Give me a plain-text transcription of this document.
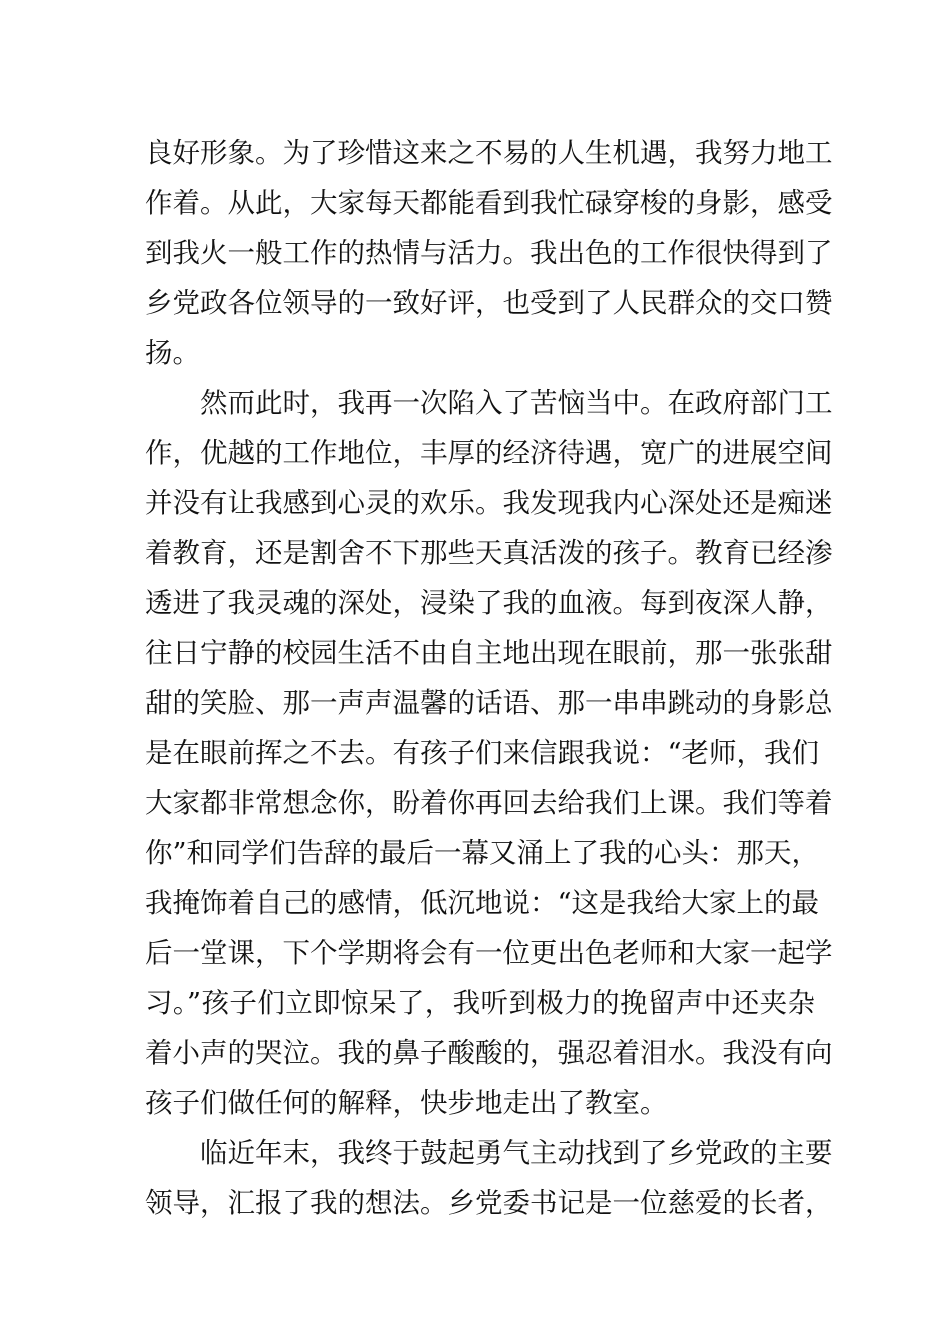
良好形象。为了珍惜这来之不易的人生机遇，我努力地工
作着。从此，大家每天都能看到我忙碌穿梭的身影，感受
到我火一般工作的热情与活力。我出色的工作很快得到了
乡党政各位领导的一致好评，也受到了人民群众的交口赞
扬。
然而此时，我再一次陷入了苦恼当中。在政府部门工
作，优越的工作地位，丰厚的经济待遇，宽广的进展空间
并没有让我感到心灵的欢乐。我发现我内心深处还是痴迷
着教育，还是割舍不下那些天真活泼的孩子。教育已经渗
透进了我灵魂的深处，浸染了我的血液。每到夜深人静，
往日宁静的校园生活不由自主地出现在眼前，那一张张甜
甜的笑脸、那一声声温馨的话语、那一串串跳动的身影总
是在眼前挥之不去。有孩子们来信跟我说：“老师，我们
大家都非常想念你，盼着你再回去给我们上课。我们等着
你”和同学们告辞的最后一幕又涌上了我的心头：那天，
我掩饰着自己的感情，低沉地说：“这是我给大家上的最
后一堂课，下个学期将会有一位更出色老师和大家一起学
习。”孩子们立即惊呆了，我听到极力的挽留声中还夹杂
着小声的哭泣。我的鼻子酸酸的，强忍着泪水。我没有向
孩子们做任何的解释，快步地走出了教室。
临近年末，我终于鼓起勇气主动找到了乡党政的主要
领导，汇报了我的想法。乡党委书记是一位慈爱的长者，
